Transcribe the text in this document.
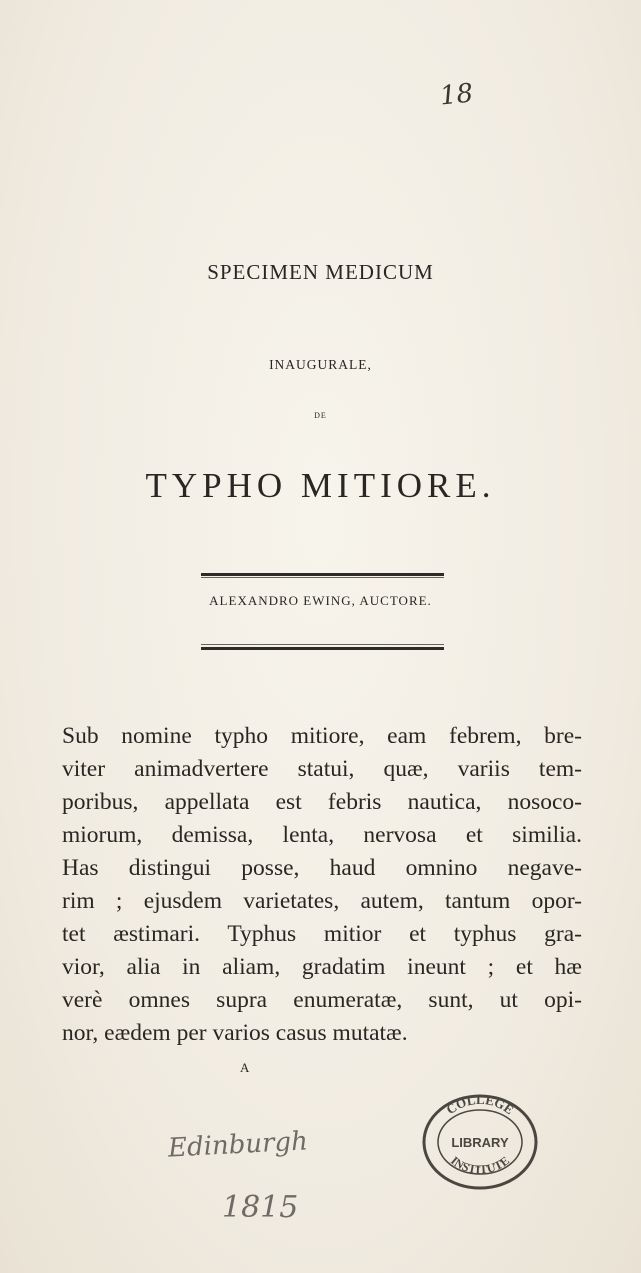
18
SPECIMEN MEDICUM
INAUGURALE,
DE
TYPHO MITIORE.
ALEXANDRO EWING, AUCTORE.
Sub nomine typho mitiore, eam febrem, bre-
viter animadvertere statui, quæ, variis tem-
poribus, appellata est febris nautica, nosoco-
miorum, demissa, lenta, nervosa et similia.
Has distingui posse, haud omnino negave-
rim ; ejusdem varietates, autem, tantum opor-
tet æstimari. Typhus mitior et typhus gra-
vior, alia in aliam, gradatim ineunt ; et hæ
verè omnes supra enumeratæ, sunt, ut opi-
nor, eædem per varios casus mutatæ.
A
Edinburgh
1815
COLLEGE
LIBRARY
INSTITUTE
